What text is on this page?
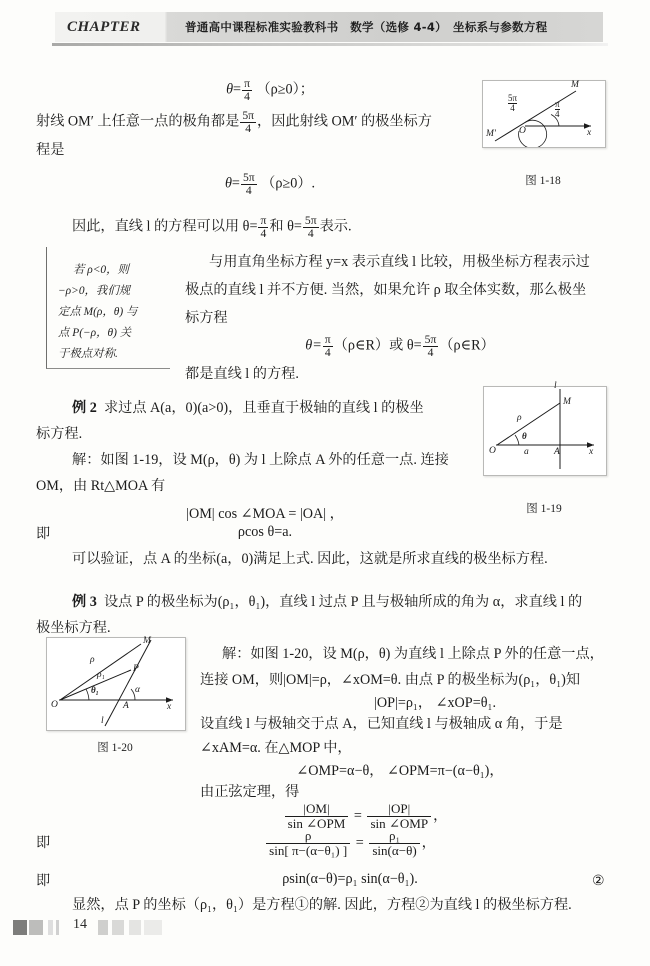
CHAPTER	普通高中课程标准实验教科书　数学（选修 4-4）　坐标系与参数方程
M
M′ O	x
$\frac{5\pi}{4}$	$\frac{\pi}{4}$
图 1-18
$\theta= \frac{\pi}{4} (\rho\ge 0)$；
射线 OM′ 上任意一点的极角都是 $\frac{5\pi}{4}$ ，因此射线 OM′ 的极坐标方
程是
$\theta= \frac{5\pi}{4} (\rho\ge 0)$.
因此，直线 l 的方程可以用 $\theta= \frac{\pi}{4}$ 和 $\theta= \frac{5\pi}{4}$ 表示.
若 ρ<0，则
−ρ>0，我们规
定点 M(ρ，θ) 与
点 P(−ρ，θ) 关
于极点对称.
与用直角坐标方程 y=x 表示直线 l 比较，用极坐标方程表示过
极点的直线 l 并不方便. 当然，如果允许 ρ 取全体实数，那么极坐
标方程
$\theta= \frac{\pi}{4}$ （ρ∈R）或 $\theta= \frac{5\pi}{4}$ （ρ∈R）
都是直线 l 的方程.
l
M
ρ
θ
O	a	A	x
图 1-19
例 2 求过点 A(a，0)(a>0)，且垂直于极轴的直线 l 的极坐
标方程.
解：如图 1-19，设 M(ρ，θ) 为 l 上除点 A 外的任意一点. 连接
OM，由 Rt△MOA 有
|OM| cos ∠MOA = |OA| ，
即	ρcos θ=a.
可以验证，点 A 的坐标(a，0)满足上式. 因此，这就是所求直线的极坐标方程.
例 3 设点 P 的极坐标为(ρ₁，θ₁)，直线 l 过点 P 且与极轴所成的角为 α，求直线 l 的
极坐标方程.
M
P
ρ
ρ₁
θ₁	α
O	A	x
l
图 1-20
解：如图 1-20，设 M(ρ，θ) 为直线 l 上除点 P 外的任意一点，
连接 OM，则|OM|=ρ，∠xOM=θ. 由点 P 的极坐标为(ρ₁，θ₁)知
|OP|=ρ₁， ∠xOP=θ₁.
设直线 l 与极轴交于点 A，已知直线 l 与极轴成 α 角，于是
∠xAM=α. 在△MOP 中，
∠OMP=α−θ， ∠OPM=π−(α−θ₁)，
由正弦定理，得
$\frac{|OM|}{\text{sin ∠OPM}} = \frac{|OP|}{\text{sin ∠OMP}}$ ，
即	$\frac{\rho}{\text{sin[ π−(α−θ₁) ]}} = \frac{\text{ρ₁}}{\sin(\alpha-\theta)}$ ，
即	ρsin(α−θ)=ρ₁ sin(α−θ₁).	②
显然，点 P 的坐标（ρ₁，θ₁）是方程①的解. 因此，方程②为直线 l 的极坐标方程.
14
